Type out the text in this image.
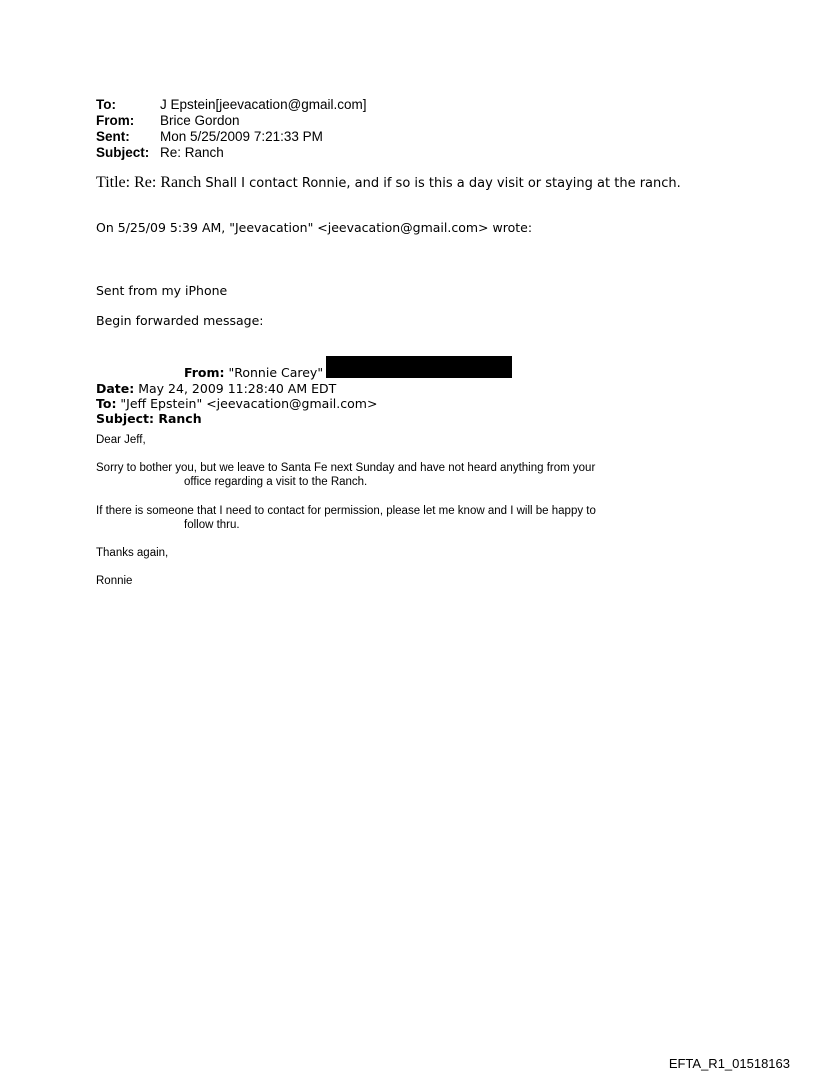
To:	J Epstein[jeevacation@gmail.com]
From:	Brice Gordon
Sent:	Mon 5/25/2009 7:21:33 PM
Subject: Re: Ranch
Title: Re: Ranch Shall I contact Ronnie, and if so is this a day visit or staying at the ranch.
On 5/25/09 5:39 AM, "Jeevacation" <jeevacation@gmail.com> wrote:
Sent from my iPhone
Begin forwarded message:
From: "Ronnie Carey"
Date: May 24, 2009 11:28:40 AM EDT
To: "Jeff Epstein" <jeevacation@gmail.com>
Subject: Ranch
Dear Jeff,
Sorry to bother you, but we leave to Santa Fe next Sunday and have not heard anything from your
office regarding a visit to the Ranch.
If there is someone that I need to contact for permission, please let me know and I will be happy to
follow thru.
Thanks again,
Ronnie
EFTA_R1_01518163
